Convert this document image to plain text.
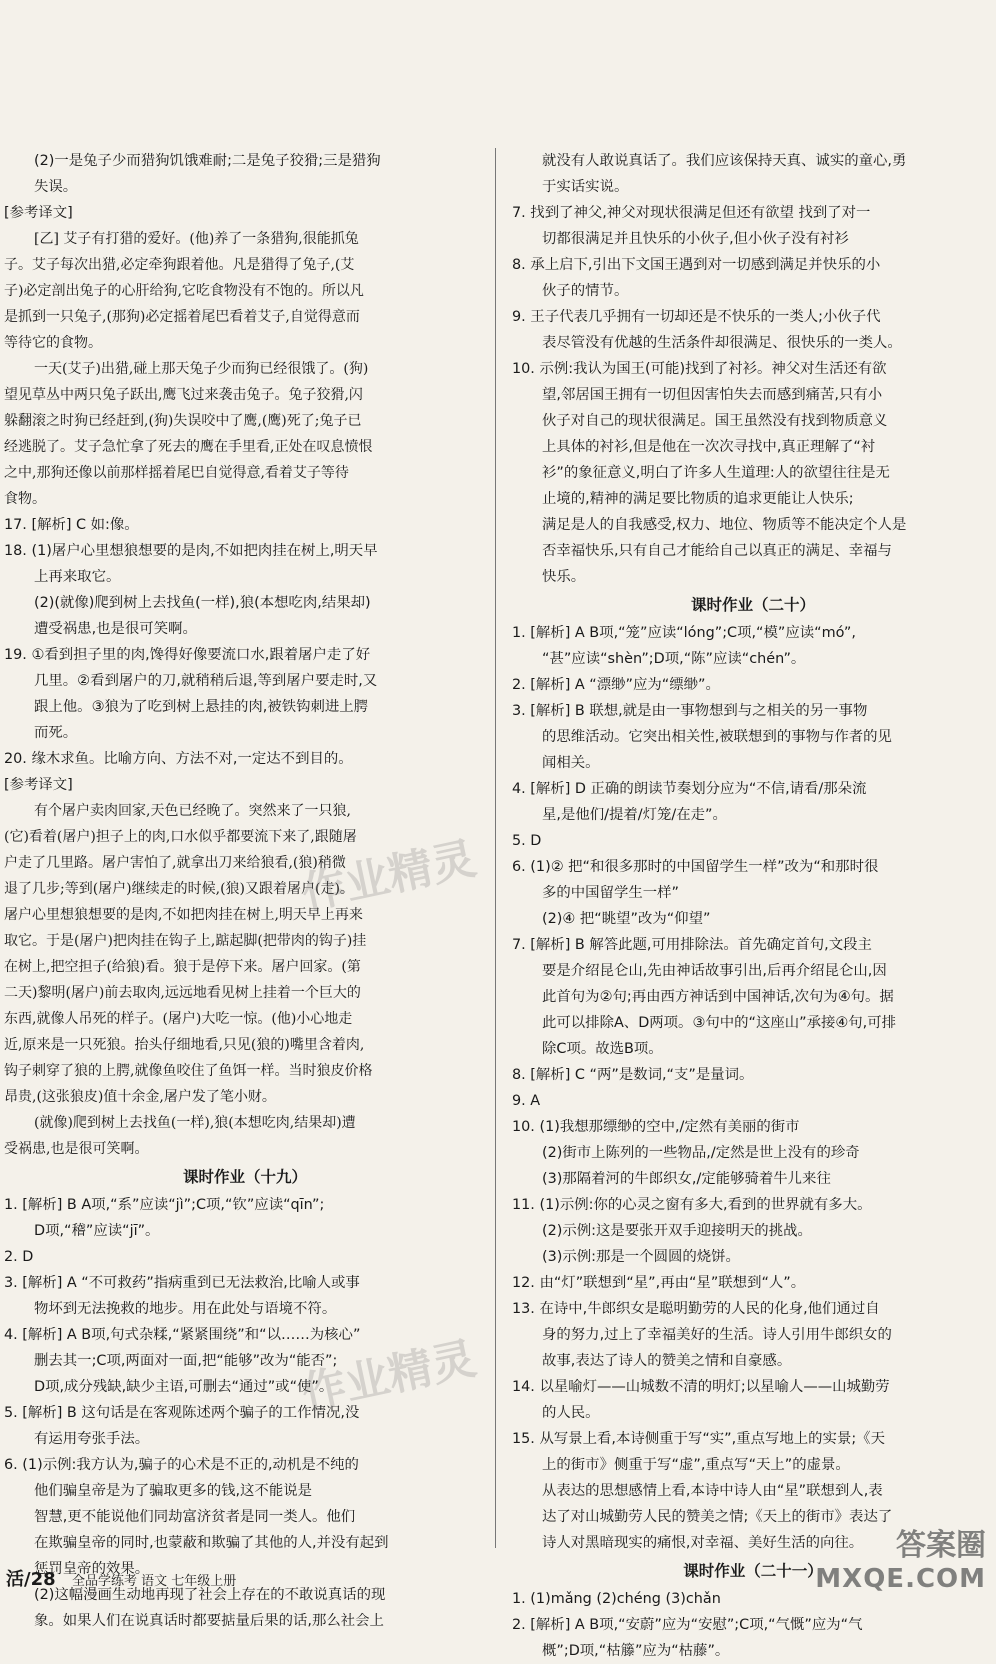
(2)一是兔子少而猎狗饥饿难耐;二是兔子狡猾;三是猎狗
失误。
[参考译文]
[乙] 艾子有打猎的爱好。(他)养了一条猎狗,很能抓兔
子。艾子每次出猎,必定牵狗跟着他。凡是猎得了兔子,(艾
子)必定剖出兔子的心肝给狗,它吃食物没有不饱的。所以凡
是抓到一只兔子,(那狗)必定摇着尾巴看着艾子,自觉得意而
等待它的食物。
一天(艾子)出猎,碰上那天兔子少而狗已经很饿了。(狗)
望见草丛中两只兔子跃出,鹰飞过来袭击兔子。兔子狡猾,闪
躲翻滚之时狗已经赶到,(狗)失误咬中了鹰,(鹰)死了;兔子已
经逃脱了。艾子急忙拿了死去的鹰在手里看,正处在叹息愤恨
之中,那狗还像以前那样摇着尾巴自觉得意,看着艾子等待
食物。
17. [解析] C 如:像。
18. (1)屠户心里想狼想要的是肉,不如把肉挂在树上,明天早
上再来取它。
(2)(就像)爬到树上去找鱼(一样),狼(本想吃肉,结果却)
遭受祸患,也是很可笑啊。
19. ①看到担子里的肉,馋得好像要流口水,跟着屠户走了好
几里。②看到屠户的刀,就稍稍后退,等到屠户要走时,又
跟上他。③狼为了吃到树上悬挂的肉,被铁钩刺进上腭
而死。
20. 缘木求鱼。比喻方向、方法不对,一定达不到目的。
[参考译文]
有个屠户卖肉回家,天色已经晚了。突然来了一只狼,
(它)看着(屠户)担子上的肉,口水似乎都要流下来了,跟随屠
户走了几里路。屠户害怕了,就拿出刀来给狼看,(狼)稍微
退了几步;等到(屠户)继续走的时候,(狼)又跟着屠户(走)。
屠户心里想狼想要的是肉,不如把肉挂在树上,明天早上再来
取它。于是(屠户)把肉挂在钩子上,踮起脚(把带肉的钩子)挂
在树上,把空担子(给狼)看。狼于是停下来。屠户回家。(第
二天)黎明(屠户)前去取肉,远远地看见树上挂着一个巨大的
东西,就像人吊死的样子。(屠户)大吃一惊。(他)小心地走
近,原来是一只死狼。抬头仔细地看,只见(狼的)嘴里含着肉,
钩子刺穿了狼的上腭,就像鱼咬住了鱼饵一样。当时狼皮价格
昂贵,(这张狼皮)值十余金,屠户发了笔小财。
(就像)爬到树上去找鱼(一样),狼(本想吃肉,结果却)遭
受祸患,也是很可笑啊。
课时作业（十九）
1. [解析] B A项,“系”应读“jì”;C项,“钦”应读“qīn”;
D项,“稽”应读“jī”。
2. D
3. [解析] A “不可救药”指病重到已无法救治,比喻人或事
物坏到无法挽救的地步。用在此处与语境不符。
4. [解析] A B项,句式杂糅,“紧紧围绕”和“以……为核心”
删去其一;C项,两面对一面,把“能够”改为“能否”;
D项,成分残缺,缺少主语,可删去“通过”或“使”。
5. [解析] B 这句话是在客观陈述两个骗子的工作情况,没
有运用夸张手法。
6. (1)示例:我方认为,骗子的心术是不正的,动机是不纯的
他们骗皇帝是为了骗取更多的钱,这不能说是
智慧,更不能说他们同劫富济贫者是同一类人。他们
在欺骗皇帝的同时,也蒙蔽和欺骗了其他的人,并没有起到
惩罚皇帝的效果。
(2)这幅漫画生动地再现了社会上存在的不敢说真话的现
象。如果人们在说真话时都要掂量后果的话,那么社会上
就没有人敢说真话了。我们应该保持天真、诚实的童心,勇
于实话实说。
7. 找到了神父,神父对现状很满足但还有欲望 找到了对一
切都很满足并且快乐的小伙子,但小伙子没有衬衫
8. 承上启下,引出下文国王遇到对一切感到满足并快乐的小
伙子的情节。
9. 王子代表几乎拥有一切却还是不快乐的一类人;小伙子代
表尽管没有优越的生活条件却很满足、很快乐的一类人。
10. 示例:我认为国王(可能)找到了衬衫。神父对生活还有欲
望,邻居国王拥有一切但因害怕失去而感到痛苦,只有小
伙子对自己的现状很满足。国王虽然没有找到物质意义
上具体的衬衫,但是他在一次次寻找中,真正理解了“衬
衫”的象征意义,明白了许多人生道理:人的欲望往往是无
止境的,精神的满足要比物质的追求更能让人快乐;
满足是人的自我感受,权力、地位、物质等不能决定个人是
否幸福快乐,只有自己才能给自己以真正的满足、幸福与
快乐。
课时作业（二十）
1. [解析] A B项,“笼”应读“lóng”;C项,“模”应读“mó”,
“甚”应读“shèn”;D项,“陈”应读“chén”。
2. [解析] A “漂缈”应为“缥缈”。
3. [解析] B 联想,就是由一事物想到与之相关的另一事物
的思维活动。它突出相关性,被联想到的事物与作者的见
闻相关。
4. [解析] D 正确的朗读节奏划分应为“不信,请看/那朵流
星,是他们/提着/灯笼/在走”。
5. D
6. (1)② 把“和很多那时的中国留学生一样”改为“和那时很
多的中国留学生一样”
(2)④ 把“眺望”改为“仰望”
7. [解析] B 解答此题,可用排除法。首先确定首句,文段主
要是介绍昆仑山,先由神话故事引出,后再介绍昆仑山,因
此首句为②句;再由西方神话到中国神话,次句为④句。据
此可以排除A、D两项。③句中的“这座山”承接④句,可排
除C项。故选B项。
8. [解析] C “两”是数词,“支”是量词。
9. A
10. (1)我想那缥缈的空中,/定然有美丽的街市
(2)街市上陈列的一些物品,/定然是世上没有的珍奇
(3)那隔着河的牛郎织女,/定能够骑着牛儿来往
11. (1)示例:你的心灵之窗有多大,看到的世界就有多大。
(2)示例:这是要张开双手迎接明天的挑战。
(3)示例:那是一个圆圆的烧饼。
12. 由“灯”联想到“星”,再由“星”联想到“人”。
13. 在诗中,牛郎织女是聪明勤劳的人民的化身,他们通过自
身的努力,过上了幸福美好的生活。诗人引用牛郎织女的
故事,表达了诗人的赞美之情和自豪感。
14. 以星喻灯——山城数不清的明灯;以星喻人——山城勤劳
的人民。
15. 从写景上看,本诗侧重于写“实”,重点写地上的实景;《天
上的街市》侧重于写“虚”,重点写“天上”的虚景。
从表达的思想感情上看,本诗中诗人由“星”联想到人,表
达了对山城勤劳人民的赞美之情;《天上的街市》表达了
诗人对黑暗现实的痛恨,对幸福、美好生活的向往。
课时作业（二十一）
1. (1)mǎng (2)chéng (3)chǎn
2. [解析] A B项,“安蔚”应为“安慰”;C项,“气慨”应为“气
概”;D项,“枯籐”应为“枯藤”。
作业精灵
作业精灵
活/28 全品学练考 语文 七年级上册
答案圈
MXQE.COM
